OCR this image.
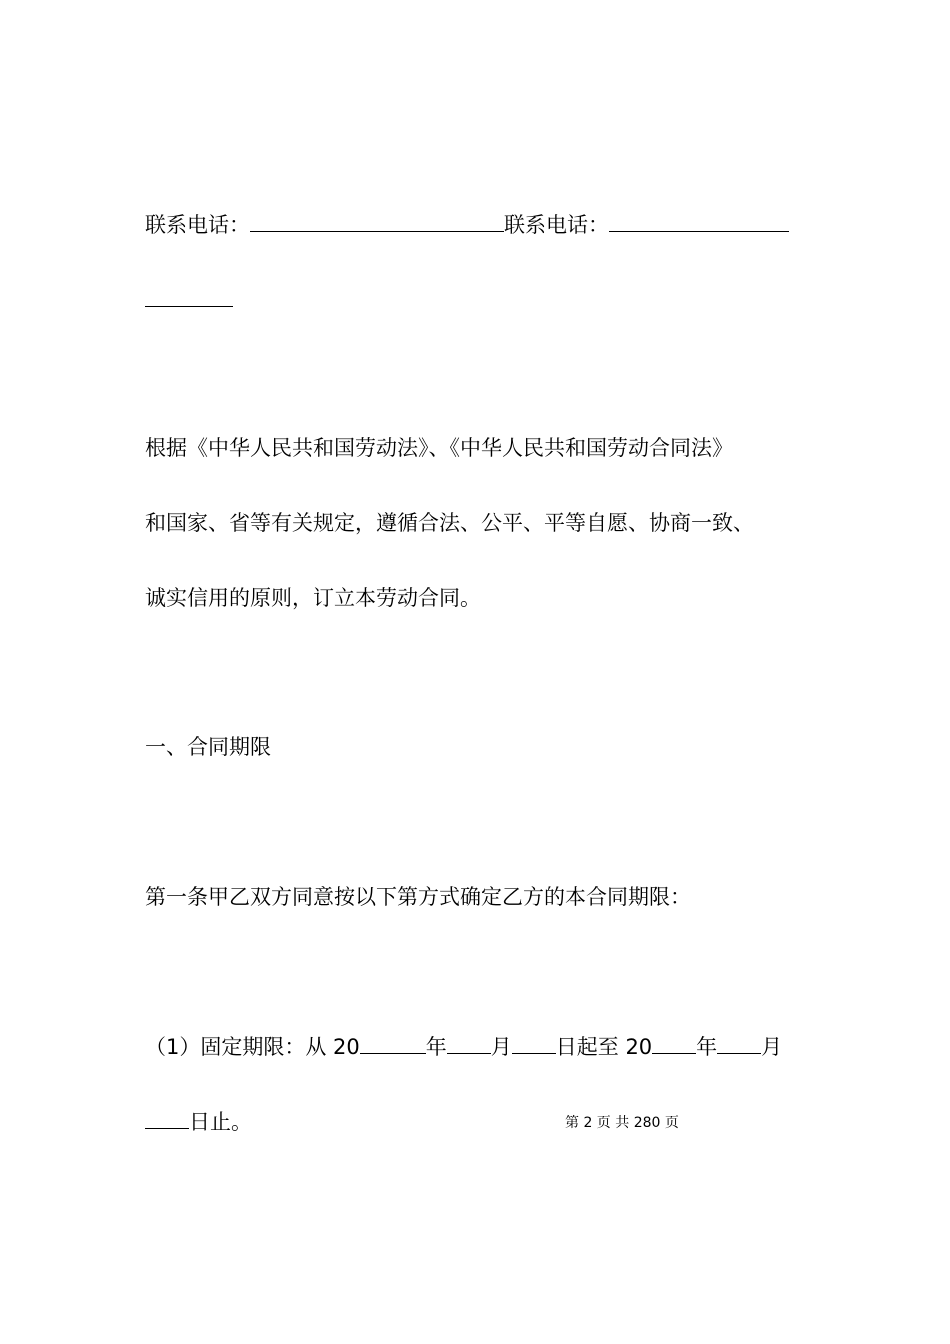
联系电话：	联系电话：
根据《中华人民共和国劳动法》、《中华人民共和国劳动合同法》
和国家、省等有关规定，遵循合法、公平、平等自愿、协商一致、
诚实信用的原则，订立本劳动合同。
一、合同期限
第一条甲乙双方同意按以下第方式确定乙方的本合同期限：
（1）固定期限：从 20	年 月 日起至 20 年 月
日止。	第 2 页 共 280 页
